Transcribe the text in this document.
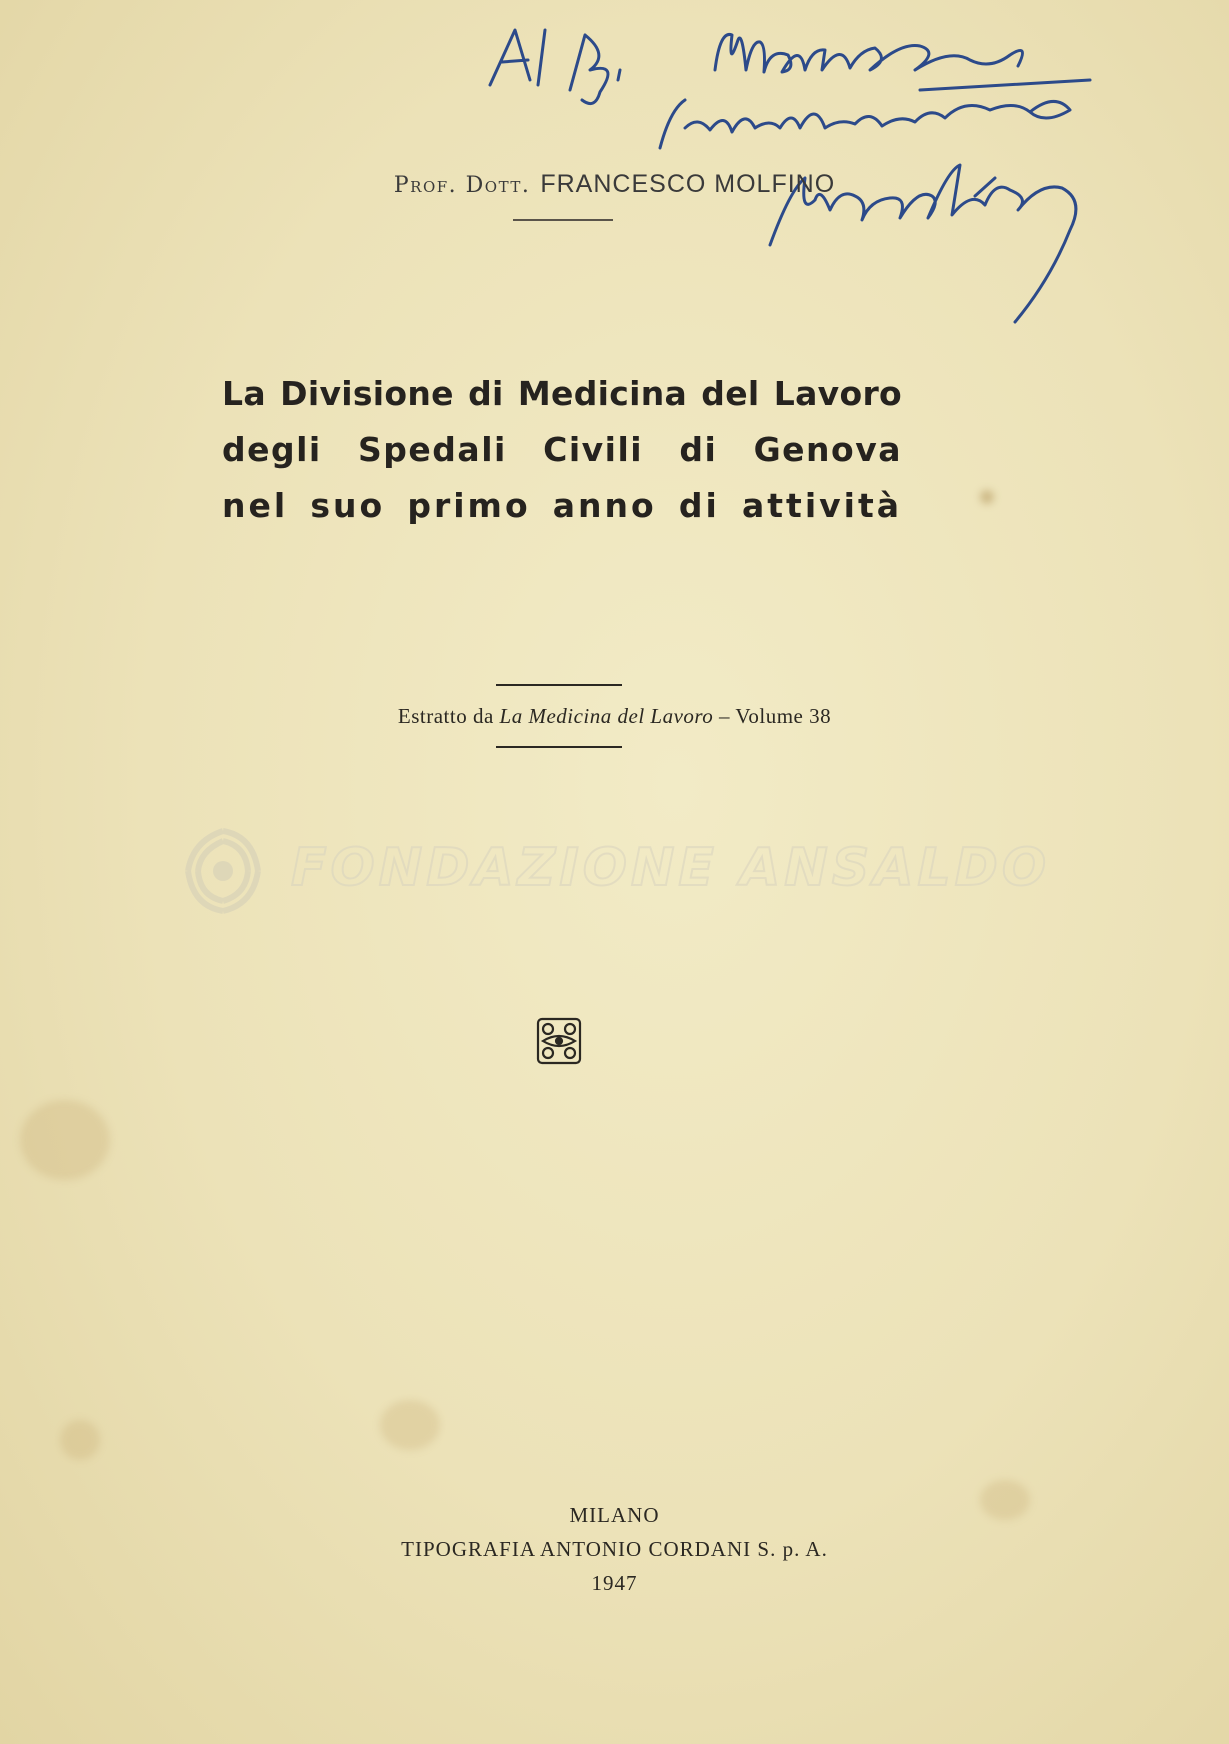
Prof. Dott. FRANCESCO MOLFINO
La Divisione di Medicina del Lavoro
degli Spedali Civili di Genova
nel suo primo anno di attività
Estratto da La Medicina del Lavoro – Volume 38
FONDAZIONE ANSALDO
MILANO
TIPOGRAFIA ANTONIO CORDANI S. p. A.
1947
